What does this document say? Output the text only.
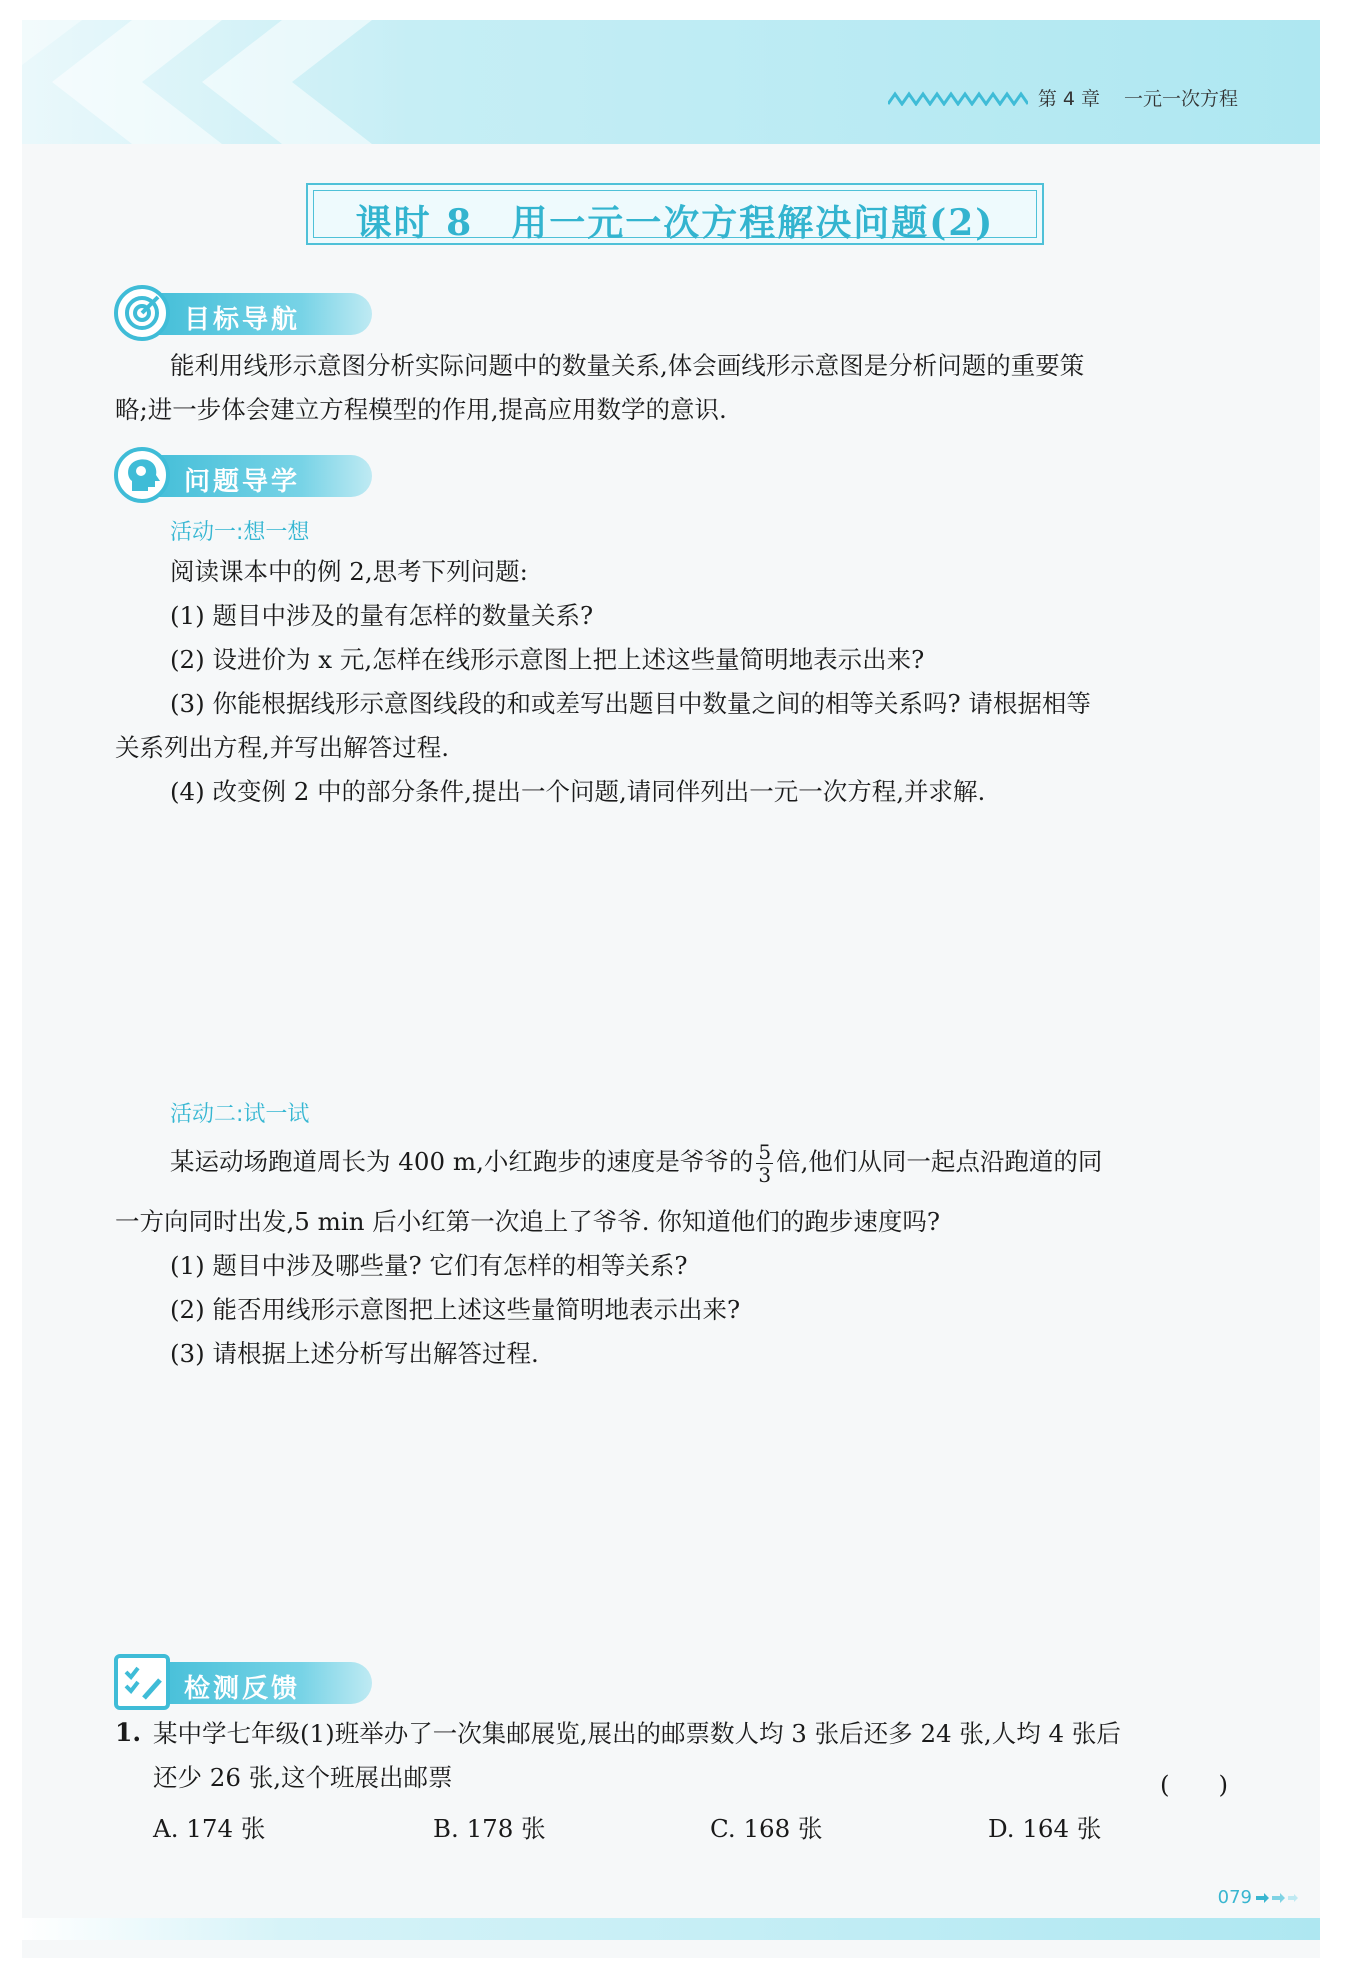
第 4 章 一元一次方程
课时 8　用一元一次方程解决问题(2)
目标导航
能利用线形示意图分析实际问题中的数量关系,体会画线形示意图是分析问题的重要策
略;进一步体会建立方程模型的作用,提高应用数学的意识.
问题导学
活动一:想一想
阅读课本中的例 2,思考下列问题:
(1) 题目中涉及的量有怎样的数量关系?
(2) 设进价为 x 元,怎样在线形示意图上把上述这些量简明地表示出来?
(3) 你能根据线形示意图线段的和或差写出题目中数量之间的相等关系吗? 请根据相等
关系列出方程,并写出解答过程.
(4) 改变例 2 中的部分条件,提出一个问题,请同伴列出一元一次方程,并求解.
活动二:试一试
某运动场跑道周长为 400 m,小红跑步的速度是爷爷的 $\frac{5}{3}$ 倍,他们从同一起点沿跑道的同
一方向同时出发,5 min 后小红第一次追上了爷爷. 你知道他们的跑步速度吗?
(1) 题目中涉及哪些量? 它们有怎样的相等关系?
(2) 能否用线形示意图把上述这些量简明地表示出来?
(3) 请根据上述分析写出解答过程.
检测反馈
1. 某中学七年级(1)班举办了一次集邮展览,展出的邮票数人均 3 张后还多 24 张,人均 4 张后
还少 26 张,这个班展出邮票	(　　)
A. 174 张	B. 178 张	C. 168 张	D. 164 张
079
